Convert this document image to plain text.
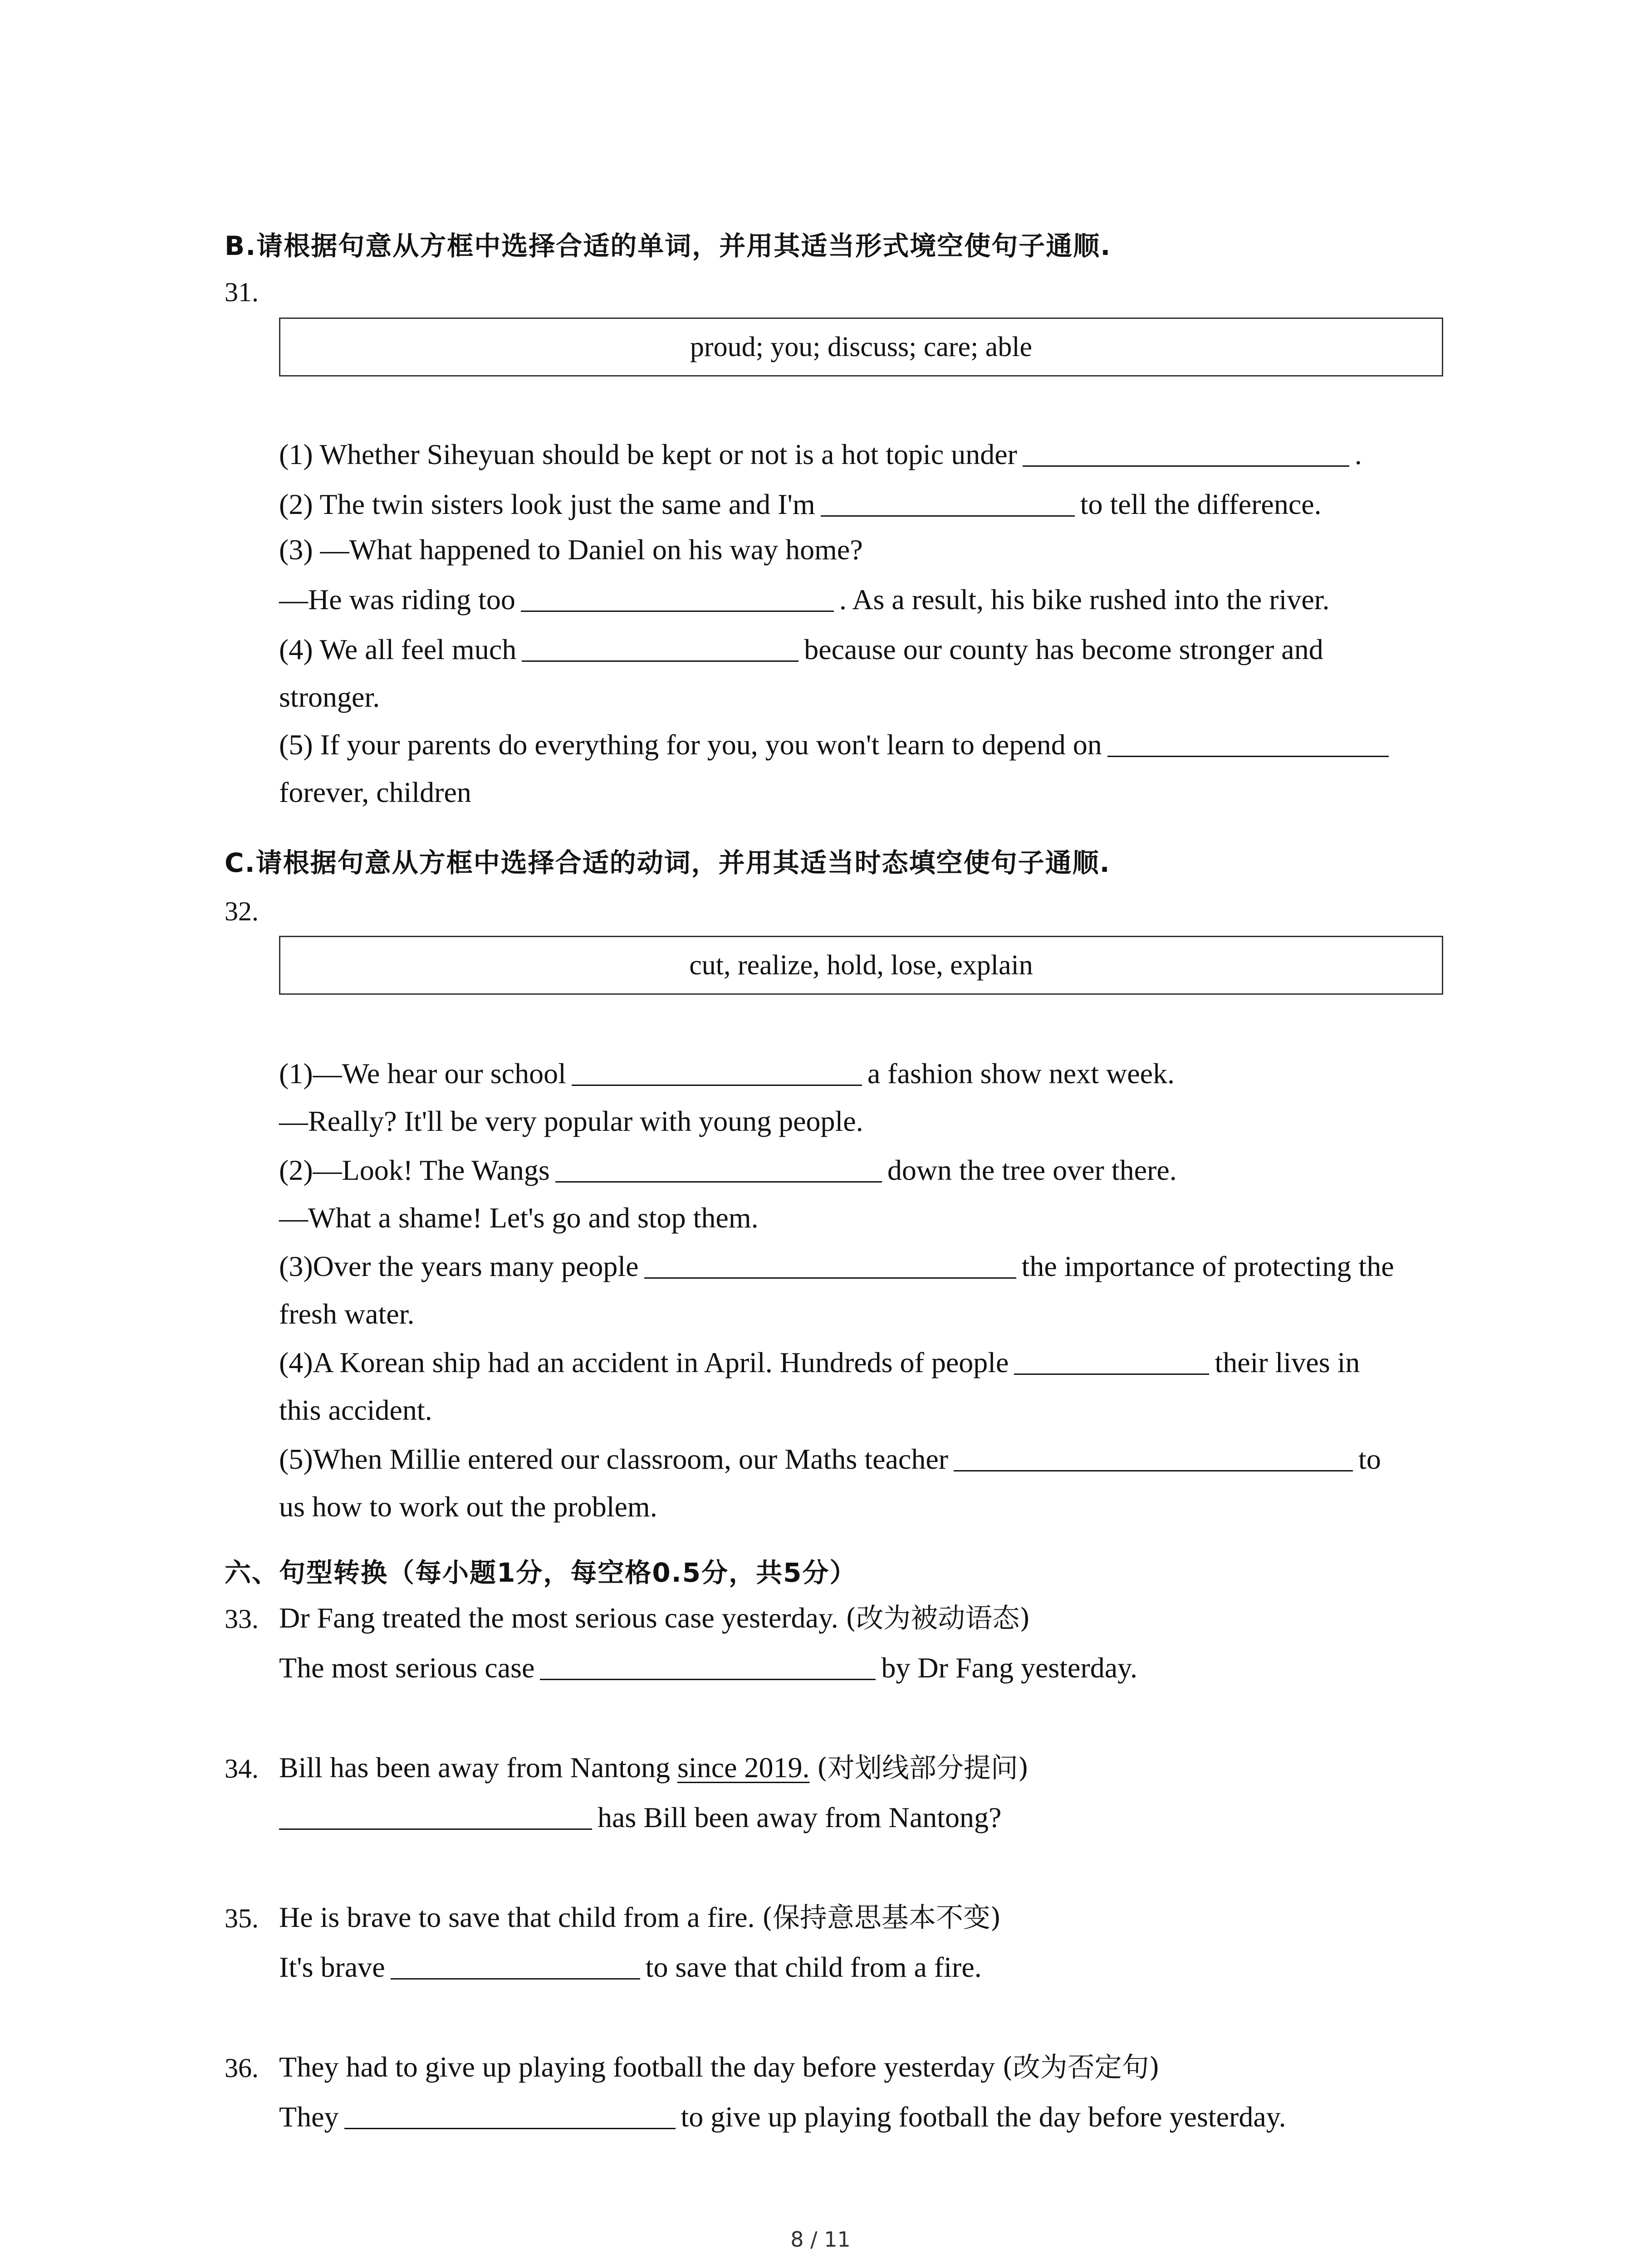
B.请根据句意从方框中选择合适的单词，并用其适当形式境空使句子通顺.
31.
proud; you; discuss; care; able
(1) Whether Siheyuan should be kept or not is a hot topic under	.
(2) The twin sisters look just the same and I'm	to tell the difference.
(3) —What happened to Daniel on his way home?
—He was riding too	. As a result, his bike rushed into the river.
(4) We all feel much	because our county has become stronger and
stronger.
(5) If your parents do everything for you, you won't learn to depend on
forever, children
C.请根据句意从方框中选择合适的动词，并用其适当时态填空使句子通顺.
32.
cut, realize, hold, lose, explain
(1)—We hear our school	a fashion show next week.
—Really? It'll be very popular with young people.
(2)—Look! The Wangs	down the tree over there.
—What a shame! Let's go and stop them.
(3)Over the years many people	the importance of protecting the
fresh water.
(4)A Korean ship had an accident in April. Hundreds of people	their lives in
this accident.
(5)When Millie entered our classroom, our Maths teacher	to
us how to work out the problem.
六、句型转换（每小题1分，每空格0.5分，共5分）
33. Dr Fang treated the most serious case yesterday. (改为被动语态)
The most serious case	by Dr Fang yesterday.
34. Bill has been away from Nantong since 2019. (对划线部分提问)
has Bill been away from Nantong?
35. He is brave to save that child from a fire. (保持意思基本不变)
It's brave	to save that child from a fire.
36. They had to give up playing football the day before yesterday (改为否定句)
They	to give up playing football the day before yesterday.
8 / 11
